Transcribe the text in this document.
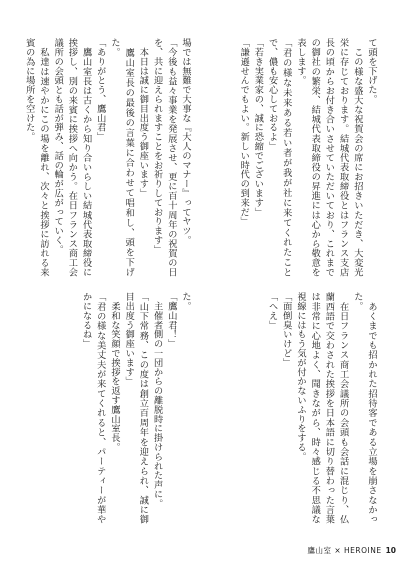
て頭を下げた。
　この様な盛大な祝賀会の席にお招きいただき、大変光栄に存じております。結城代表取締役とはフランス支店長の頃からお付き合いさせていただいており、これまでの御社の繁栄、結城代表取締役の昇進には心から敬意を表します。
「君の様な未来ある若い者が我が社に来てくれたことで、儂も安心しておるよ」
「若き実業家の、誠に恐縮でございます」
「謙遜せんでもよい。新しい時代の到来だ」
　あくまでも招かれた招待客である立場を崩さなかった。
　在日フランス商工会議所の会頭も会話に混じり、仏蘭西語で交わされた挨拶を日本語に切り替わった言葉は非常に心地よく、聞きながら、時々感じる不思議な視線にはもう気が付かないふりをする。
「面倒臭いけど」
「へえ」
場では無難で大事な『大人のマナー』ってヤツ。
「今後も益々事業を発展させ、更に百十周年の祝賀の日を、共に迎えられますことをお祈りしております」
　本日は誠に御目出度う御座います」
　鷹山室長の最後の言葉に合わせて唱和し、頭を下げた。
「ありがとう、鷹山君」
　鷹山室長は古くから知り合いらしい結城代表取締役に挨拶し、別の来賓に挨拶へ向かう。在日フランス商工会議所の会頭とも話が弾み、話の輪が広がっていく。
　私達は速やかにこの場を離れ、次々と挨拶に訪れる来賓の為に場所を空けた。
た。
「鷹山君！」
　主催者側の一団からの離脱時に掛けられた声に。
「山下常務、この度は創立百周年を迎えられ、誠に御目出度う御座います」
　柔和な笑顔で挨拶を返す鷹山室長。
「君の様な美丈夫が来てくれると、パーティーが華やかになるね」
鷹山室 × HEROINE 10
